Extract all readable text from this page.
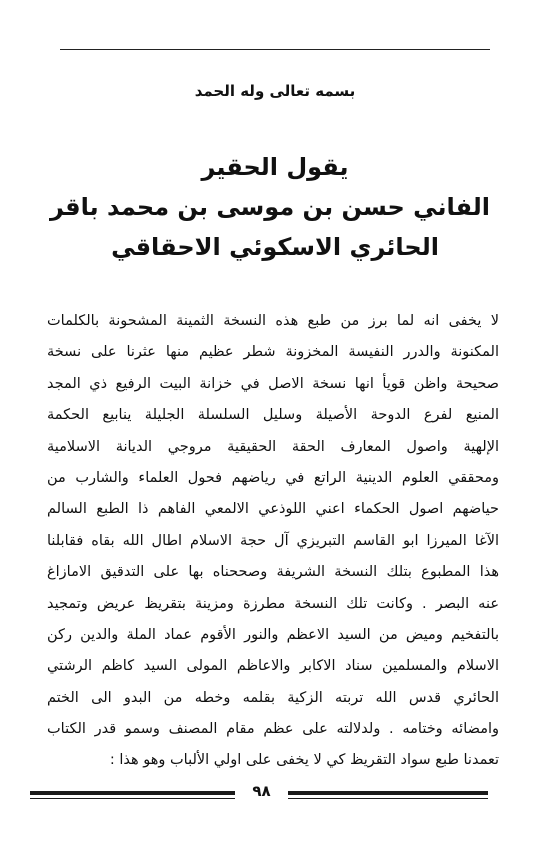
بسمه تعالى وله الحمد
يقول الحقير
الفاني حسن بن موسى بن محمد باقر
الحائري الاسكوئي الاحقاقي
لا يخفى انه لما برز من طبع هذه النسخة الثمينة المشحونة بالكلمات
المكنونة والدرر النفيسة المخزونة شطر عظيم منها عثرنا على نسخة
صحيحة واظن قويأ انها نسخة الاصل في خزانة البيت الرفيع ذي المجد
المنيع لفرع الدوحة الأصيلة وسليل السلسلة الجليلة ينابيع الحكمة
الإلهية واصول المعارف الحقة الحقيقية مروجي الديانة الاسلامية
ومحققي العلوم الدينية الراتع في رياضهم فحول العلماء والشارب من
حياضهم اصول الحكماء اعني اللوذعي الالمعي الفاهم ذا الطبع السالم
الآغا الميرزا ابو القاسم التبريزي آل حجة الاسلام اطال الله بقاه فقابلنا
هذا المطبوع بتلك النسخة الشريفة وصححناه بها على التدقيق الامازاغ
عنه البصر . وكانت تلك النسخة مطرزة ومزينة بتقريظ عريض وتمجيد
بالتفخيم وميض من السيد الاعظم والنور الأقوم عماد الملة والدين ركن
الاسلام والمسلمين سناد الاكابر والاعاظم المولى السيد كاظم الرشتي
الحائري قدس الله تربته الزكية بقلمه وخطه من البدو الى الختم
وامضائه وختامه . ولدلالته على عظم مقام المصنف وسمو قدر الكتاب
تعمدنا طبع سواد التقريظ كي لا يخفى على اولي الألباب وهو هذا :
٩٨
